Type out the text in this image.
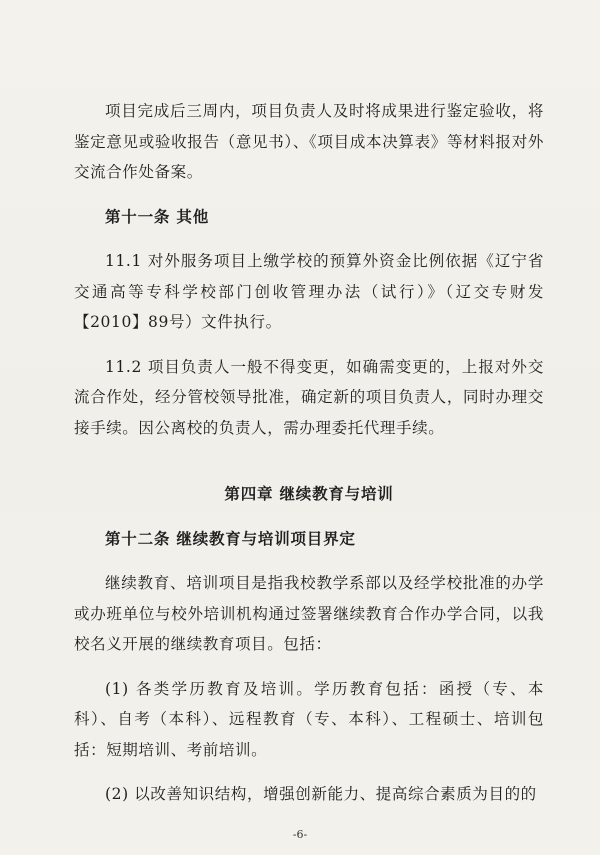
项目完成后三周内，项目负责人及时将成果进行鉴定验收，将鉴定意见或验收报告（意见书）、《项目成本决算表》等材料报对外交流合作处备案。

第十一条 其他

11.1 对外服务项目上缴学校的预算外资金比例依据《辽宁省交通高等专科学校部门创收管理办法（试行）》（辽交专财发【2010】89号）文件执行。

11.2 项目负责人一般不得变更，如确需变更的，上报对外交流合作处，经分管校领导批准，确定新的项目负责人，同时办理交接手续。因公离校的负责人，需办理委托代理手续。

第四章 继续教育与培训

第十二条 继续教育与培训项目界定

继续教育、培训项目是指我校教学系部以及经学校批准的办学或办班单位与校外培训机构通过签署继续教育合作办学合同，以我校名义开展的继续教育项目。包括：

(1) 各类学历教育及培训。学历教育包括：函授（专、本科）、自考（本科）、远程教育（专、本科）、工程硕士、培训包括：短期培训、考前培训。

(2) 以改善知识结构，增强创新能力、提高综合素质为目的的

-6-
